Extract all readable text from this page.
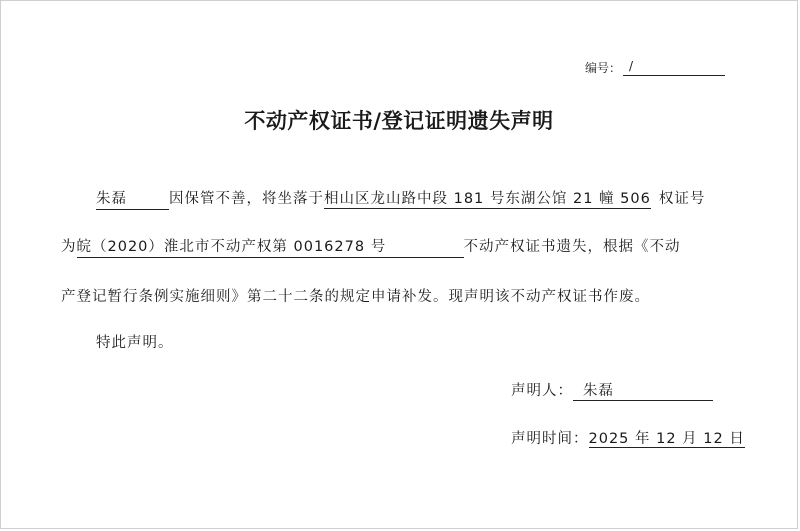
编号： /
不动产权证书/登记证明遗失声明
朱磊	因保管不善，将坐落于相山区龙山路中段 181 号东湖公馆 21 幢 506 权证号
为皖（2020）淮北市不动产权第 0016278 号	不动产权证书遗失，根据《不动
产登记暂行条例实施细则》第二十二条的规定申请补发。现声明该不动产权证书作废。
特此声明。
声明人： 朱磊
声明时间：2025 年 12 月 12 日
